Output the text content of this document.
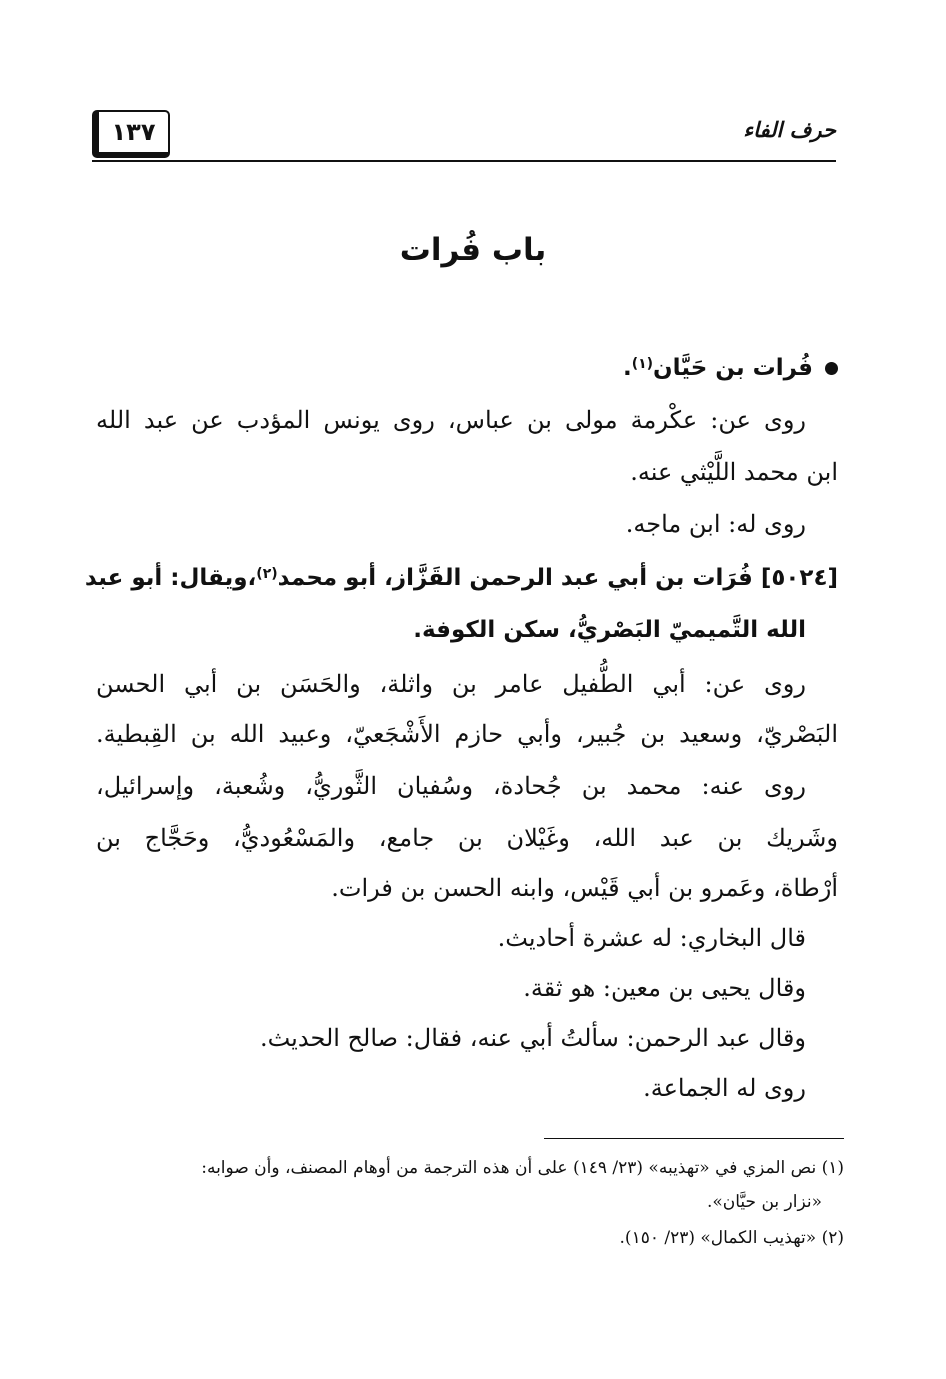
حرف الفاء
١٣٧
باب فُرات
فُرات بن حَيَّان$^{(١)}$.
روى عن: عكْرمة مولى بن عباس، روى يونس المؤدب عن عبد الله
ابن محمد اللَّيْثي عنه.
روى له: ابن ماجه.
[٥٠٢٤] فُرَات بن أبي عبد الرحمن القَزَّاز، أبو محمد$^{(٢)}$،ويقال: أبو عبد
الله التَّميميّ البَصْريُّ، سكن الكوفة.
روى عن: أبي الطُّفيل عامر بن واثلة، والحَسَن بن أبي الحسن
البَصْريّ، وسعيد بن جُبير، وأبي حازم الأَشْجَعيّ، وعبيد الله بن القِبطية.
روى عنه: محمد بن جُحادة، وسُفيان الثَّوريُّ، وشُعبة، وإسرائيل،
وشَريك بن عبد الله، وغَيْلان بن جامع، والمَسْعُوديُّ، وحَجَّاج بن
أرْطاة، وعَمرو بن أبي قَيْس، وابنه الحسن بن فرات.
قال البخاري: له عشرة أحاديث.
وقال يحيى بن معين: هو ثقة.
وقال عبد الرحمن: سألتُ أبي عنه، فقال: صالح الحديث.
روى له الجماعة.
(١) نص المزي في «تهذيبه» (٢٣/ ١٤٩) على أن هذه الترجمة من أوهام المصنف، وأن صوابه:
«نزار بن حيَّان».
(٢) «تهذيب الكمال» (٢٣/ ١٥٠).
